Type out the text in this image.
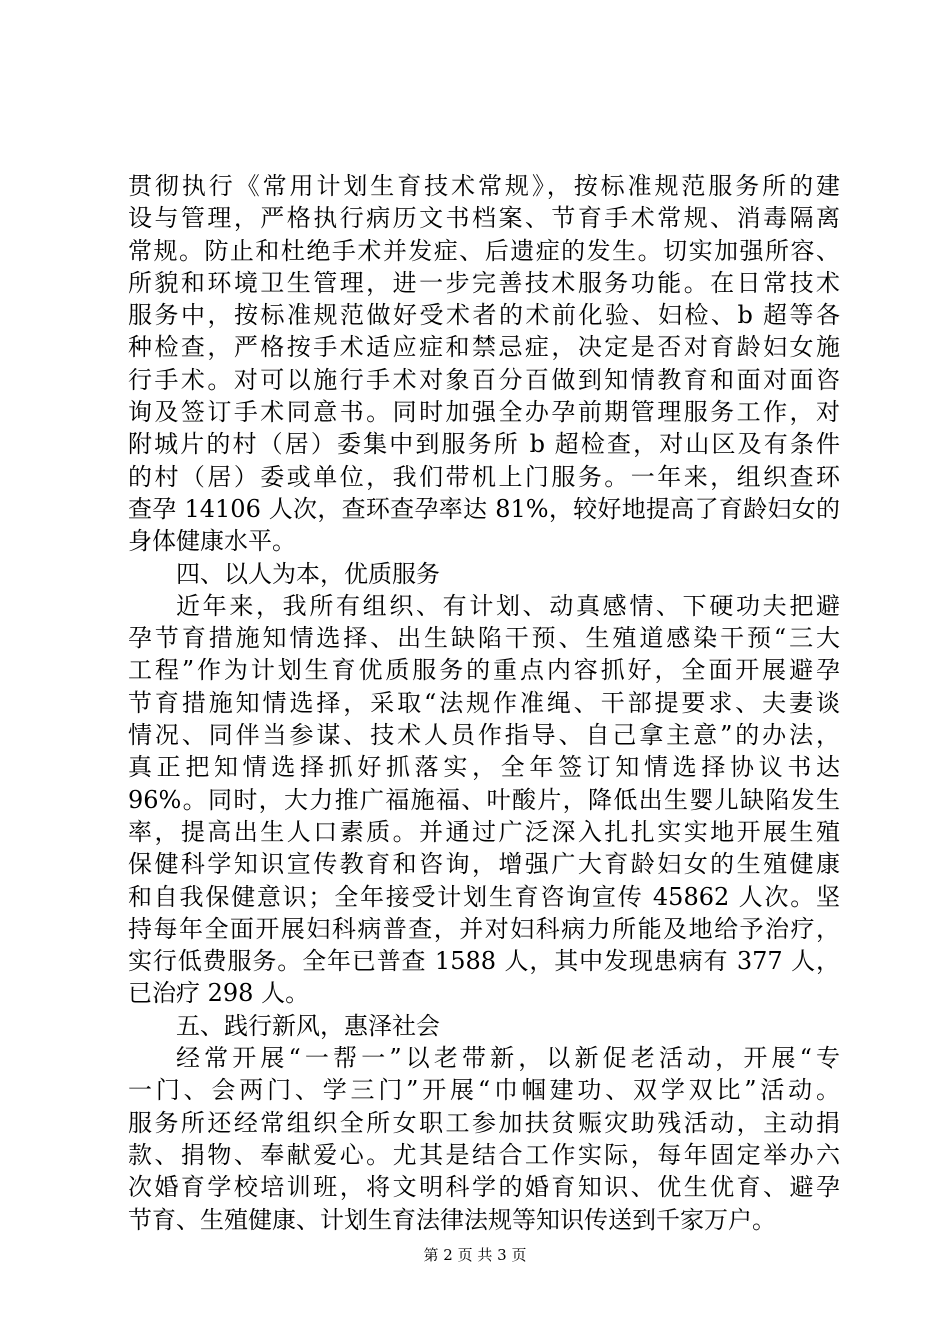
贯彻执行《常用计划生育技术常规》，按标准规范服务所的建
设与管理，严格执行病历文书档案、节育手术常规、消毒隔离
常规。防止和杜绝手术并发症、后遗症的发生。切实加强所容、
所貌和环境卫生管理，进一步完善技术服务功能。在日常技术
服务中，按标准规范做好受术者的术前化验、妇检、b 超等各
种检查，严格按手术适应症和禁忌症，决定是否对育龄妇女施
行手术。对可以施行手术对象百分百做到知情教育和面对面咨
询及签订手术同意书。同时加强全办孕前期管理服务工作，对
附城片的村（居）委集中到服务所 b 超检查，对山区及有条件
的村（居）委或单位，我们带机上门服务。一年来，组织查环
查孕 14106 人次，查环查孕率达 81%，较好地提高了育龄妇女的
身体健康水平。
四、以人为本，优质服务
近年来，我所有组织、有计划、动真感情、下硬功夫把避
孕节育措施知情选择、出生缺陷干预、生殖道感染干预“三大
工程”作为计划生育优质服务的重点内容抓好，全面开展避孕
节育措施知情选择，采取“法规作准绳、干部提要求、夫妻谈
情况、同伴当参谋、技术人员作指导、自己拿主意”的办法，
真正把知情选择抓好抓落实，全年签订知情选择协议书达
96%。同时，大力推广福施福、叶酸片，降低出生婴儿缺陷发生
率，提高出生人口素质。并通过广泛深入扎扎实实地开展生殖
保健科学知识宣传教育和咨询，增强广大育龄妇女的生殖健康
和自我保健意识；全年接受计划生育咨询宣传 45862 人次。坚
持每年全面开展妇科病普查，并对妇科病力所能及地给予治疗，
实行低费服务。全年已普查 1588 人，其中发现患病有 377 人，
已治疗 298 人。
五、践行新风，惠泽社会
经常开展“一帮一”以老带新，以新促老活动，开展“专
一门、会两门、学三门”开展“巾帼建功、双学双比”活动。
服务所还经常组织全所女职工参加扶贫赈灾助残活动，主动捐
款、捐物、奉献爱心。尤其是结合工作实际，每年固定举办六
次婚育学校培训班，将文明科学的婚育知识、优生优育、避孕
节育、生殖健康、计划生育法律法规等知识传送到千家万户。
第 2 页 共 3 页
